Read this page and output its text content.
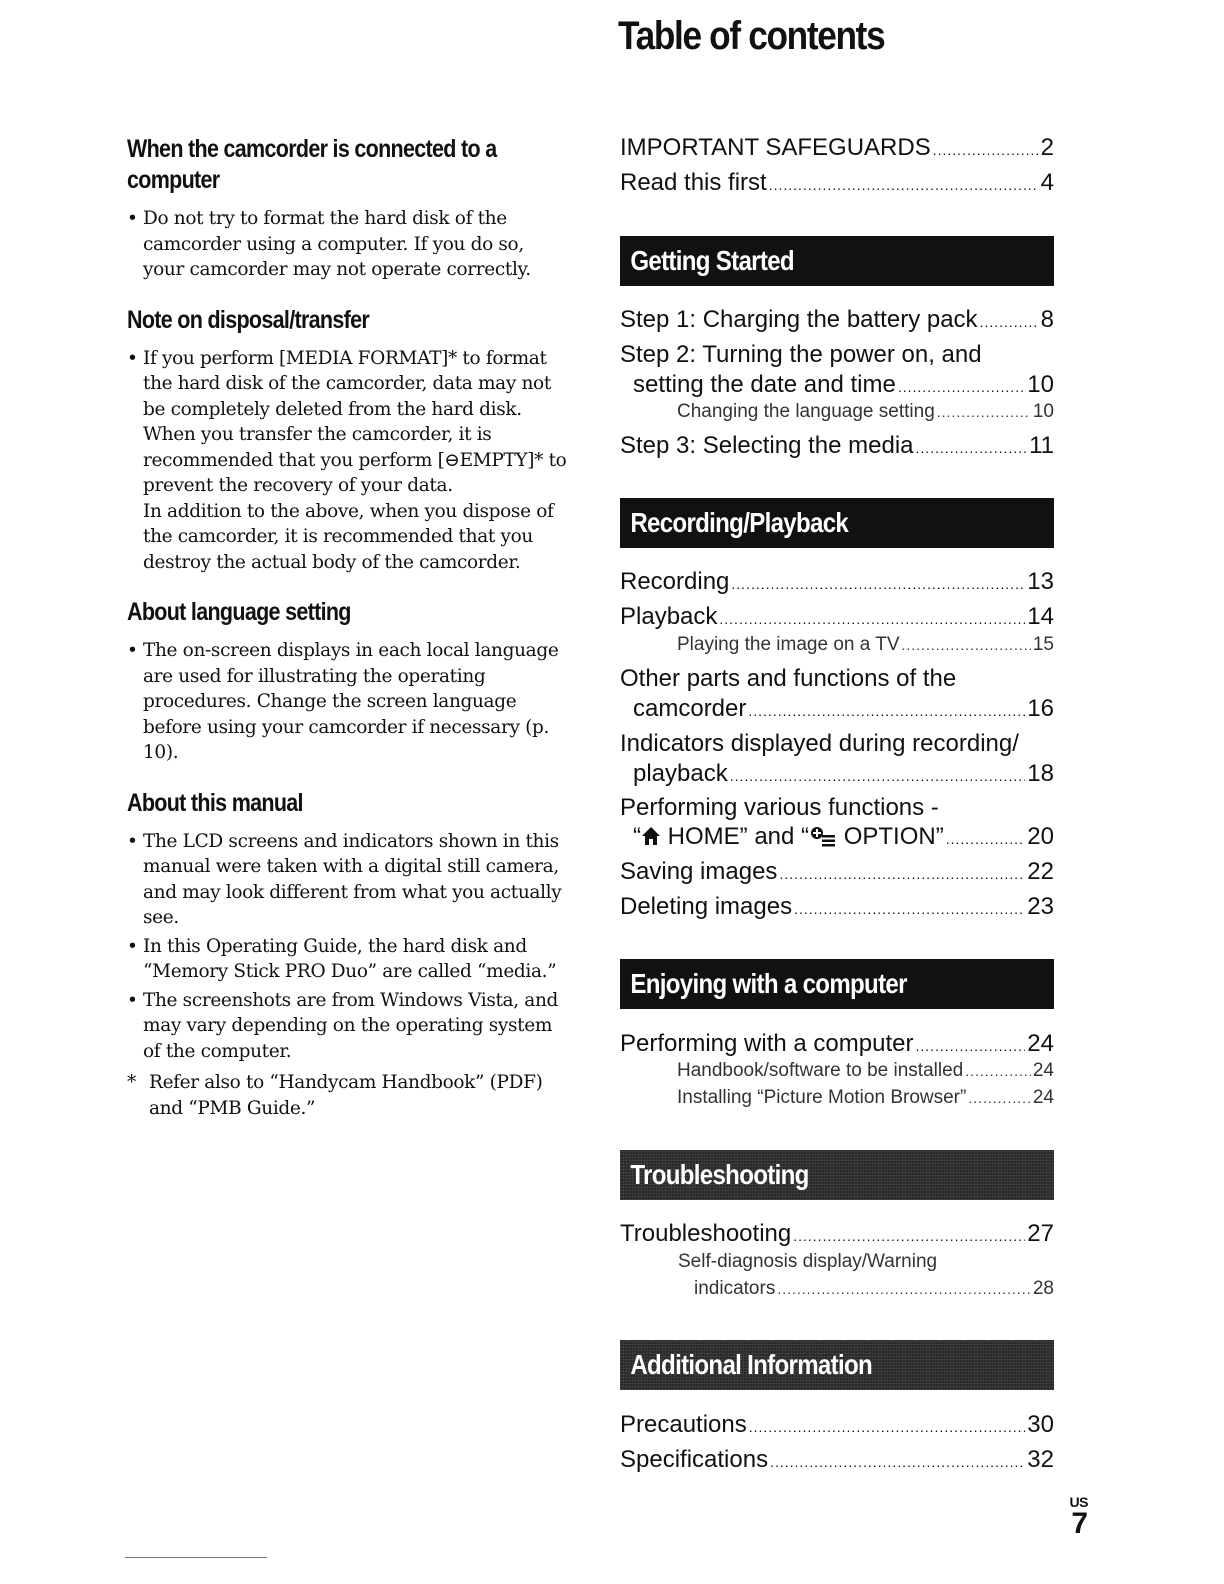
Table of contents
When the camcorder is connected to a computer
• Do not try to format the hard disk of the camcorder using a computer. If you do so, your camcorder may not operate correctly.
Note on disposal/transfer
• If you perform [MEDIA FORMAT]* to format the hard disk of the camcorder, data may not be completely deleted from the hard disk. When you transfer the camcorder, it is recommended that you perform [⊖EMPTY]* to prevent the recovery of your data.
In addition to the above, when you dispose of the camcorder, it is recommended that you destroy the actual body of the camcorder.
About language setting
• The on-screen displays in each local language are used for illustrating the operating procedures. Change the screen language before using your camcorder if necessary (p. 10).
About this manual
• The LCD screens and indicators shown in this manual were taken with a digital still camera, and may look different from what you actually see.
• In this Operating Guide, the hard disk and “Memory Stick PRO Duo” are called “media.”
• The screenshots are from Windows Vista, and may vary depending on the operating system of the computer.
* Refer also to “Handycam Handbook” (PDF) and “PMB Guide.”
IMPORTANT SAFEGUARDS .....	2
Read this first .....	4
Step 1: Charging the battery pack .....	8
Step 2: Turning the power on, and
setting the date and time .....	10
Changing the language setting .....	10
Step 3: Selecting the media .....	11
Recording .....	13
Playback .....	14
Playing the image on a TV .....	15
Other parts and functions of the
camcorder .....	16
Indicators displayed during recording/
playback .....	18
Performing various functions -
“ HOME” and “ OPTION” .....	20
Saving images .....	22
Deleting images .....	23
Performing with a computer .....	24
Handbook/software to be installed .....	24
Installing “Picture Motion Browser” .....	24
Troubleshooting .....	27
Self-diagnosis display/Warning
indicators .....	28
Precautions .....	30
Specifications .....	32
Getting Started
Recording/Playback
Enjoying with a computer
Troubleshooting
Additional Information
US
7
